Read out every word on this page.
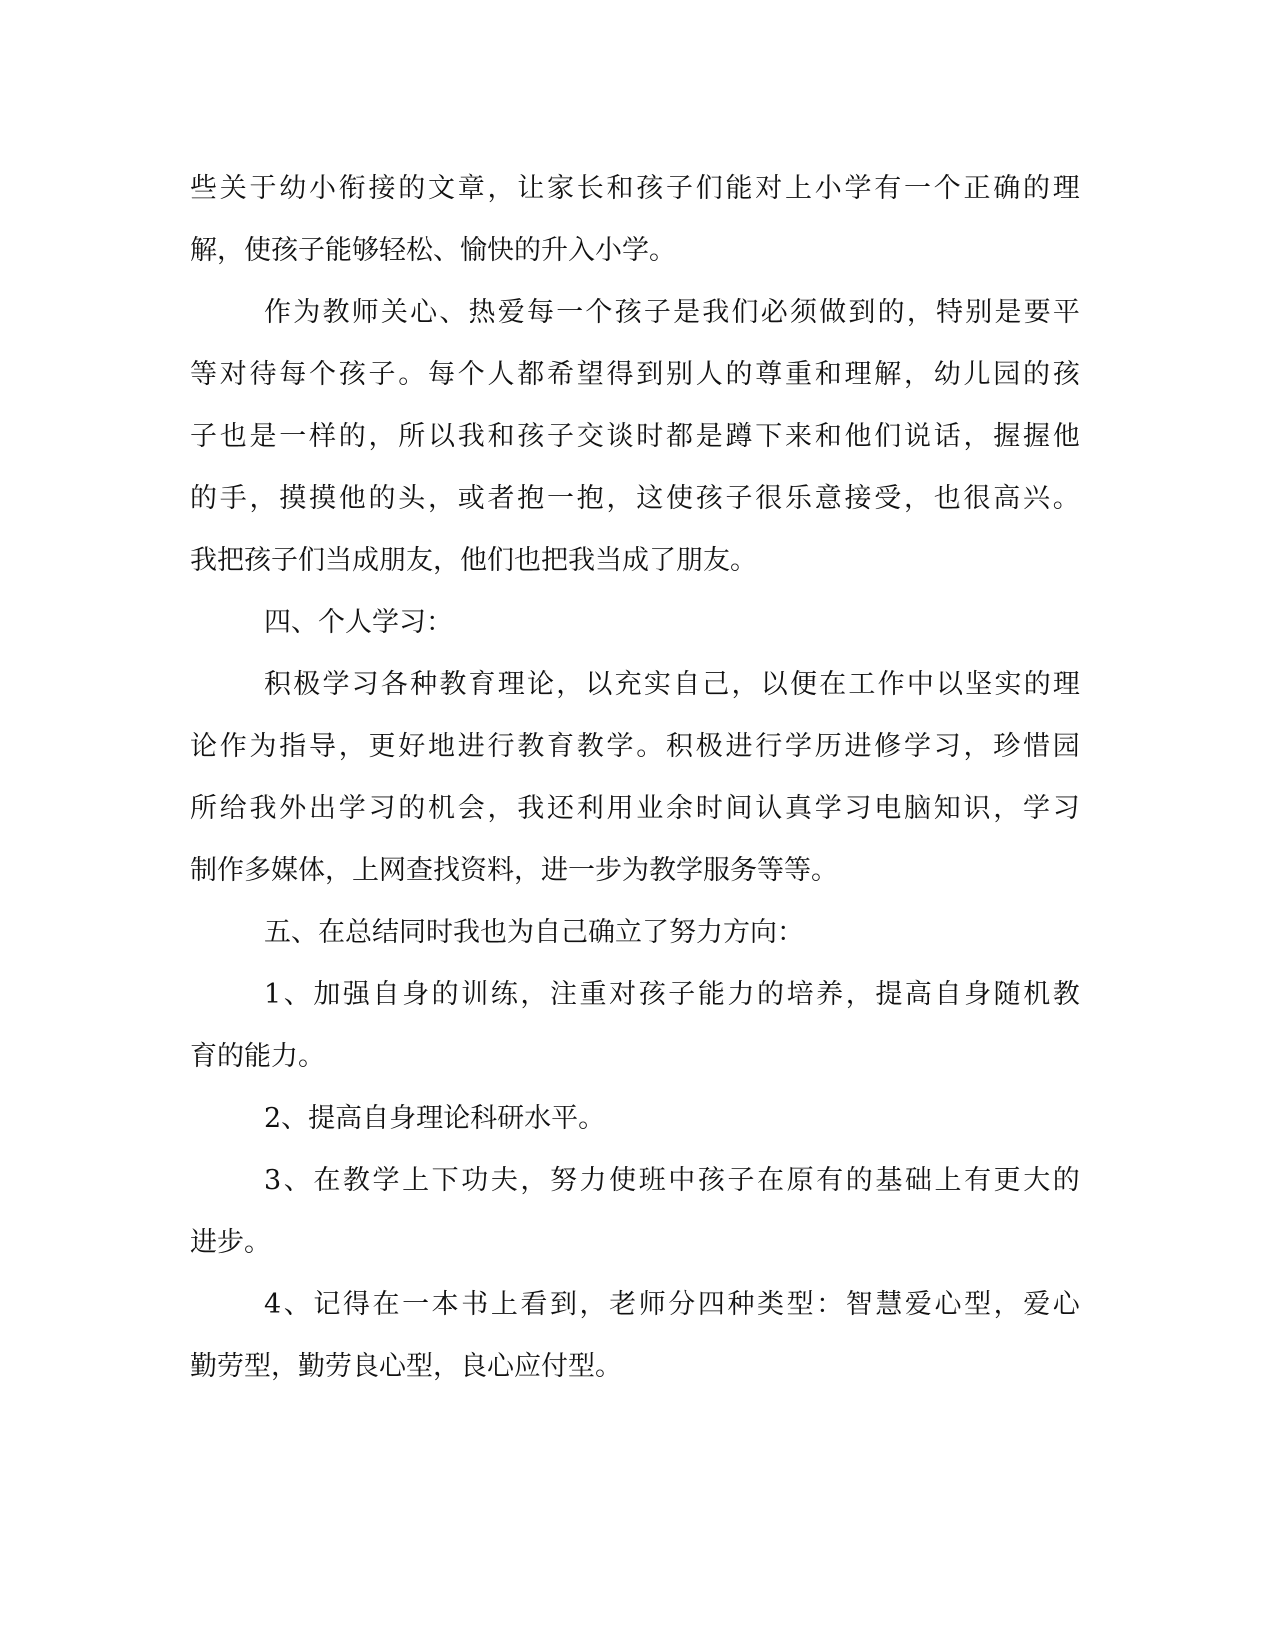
些 关 于 幼 小 衔 接 的 文 章 ， 让 家 长 和 孩 子 们 能 对 上 小 学 有 一 个 正 确 的 理
解，使孩子能够轻松、愉快的升入小学。
作 为 教 师 关 心 、 热 爱 每 一 个 孩 子 是 我 们 必 须 做 到 的 ， 特 别 是 要 平
等 对 待 每 个 孩 子 。 每 个 人 都 希 望 得 到 别 人 的 尊 重 和 理 解 ， 幼 儿 园 的 孩
子 也 是 一 样 的 ， 所 以 我 和 孩 子 交 谈 时 都 是 蹲 下 来 和 他 们 说 话 ， 握 握 他
的 手 ， 摸 摸 他 的 头 ， 或 者 抱 一 抱 ， 这 使 孩 子 很 乐 意 接 受 ， 也 很 高 兴 。
我把孩子们当成朋友，他们也把我当成了朋友。
四、个人学习：
积 极 学 习 各 种 教 育 理 论 ， 以 充 实 自 己 ， 以 便 在 工 作 中 以 坚 实 的 理
论 作 为 指 导 ， 更 好 地 进 行 教 育 教 学 。 积 极 进 行 学 历 进 修 学 习 ， 珍 惜 园
所 给 我 外 出 学 习 的 机 会 ， 我 还 利 用 业 余 时 间 认 真 学 习 电 脑 知 识 ， 学 习
制作多媒体，上网查找资料，进一步为教学服务等等。
五、在总结同时我也为自己确立了努力方向：
1 、 加 强 自 身 的 训 练 ， 注 重 对 孩 子 能 力 的 培 养 ， 提 高 自 身 随 机 教
育的能力。
2、提高自身理论科研水平。
3 、 在 教 学 上 下 功 夫 ， 努 力 使 班 中 孩 子 在 原 有 的 基 础 上 有 更 大 的
进步。
4 、 记 得 在 一 本 书 上 看 到 ， 老 师 分 四 种 类 型 ： 智 慧 爱 心 型 ， 爱 心
勤劳型，勤劳良心型，良心应付型。
